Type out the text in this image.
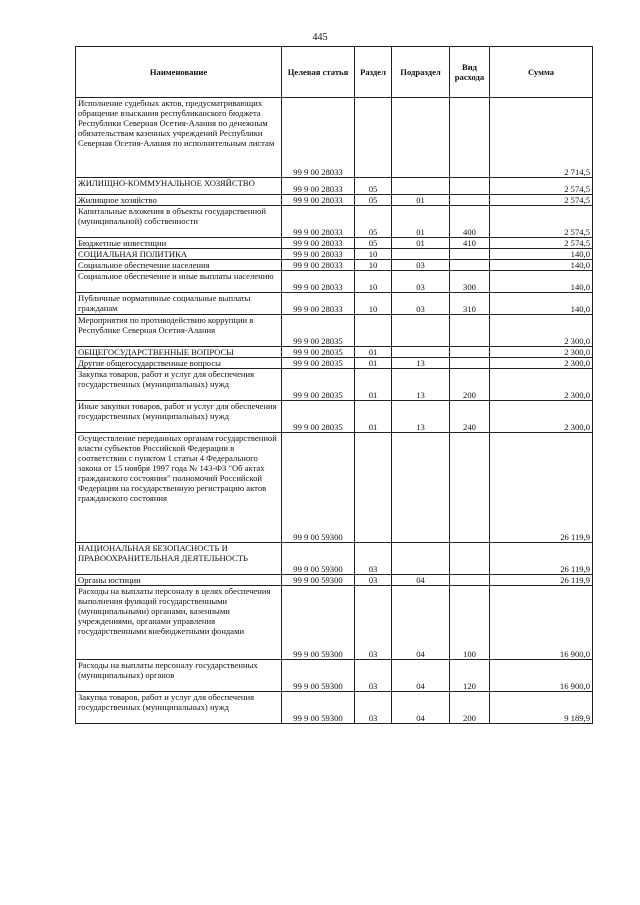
445
Наименование	Целевая статья	Раздел	Подраздел	Вид расхода	Сумма
Исполнение судебных актов, предусматривающих обращение взыскания республиканского бюджета Республики Северная Осетия-Алания по денежным обязательствам казенных учреждений Республики Северная Осетия-Алания по исполнительным листам	99 9 00 28033				2 714,5
ЖИЛИЩНО-КОММУНАЛЬНОЕ ХОЗЯЙСТВО	99 9 00 28033	05			2 574,5
Жилищное хозяйство	99 9 00 28033	05	01		2 574,5
Капитальные вложения в объекты государственной (муниципальной) собственности	99 9 00 28033	05	01	400	2 574,5
Бюджетные инвестиции	99 9 00 28033	05	01	410	2 574,5
СОЦИАЛЬНАЯ ПОЛИТИКА	99 9 00 28033	10			140,0
Социальное обеспечение населения	99 9 00 28033	10	03		140,0
Социальное обеспечение и иные выплаты населению	99 9 00 28033	10	03	300	140,0
Публичные нормативные социальные выплаты гражданам	99 9 00 28033	10	03	310	140,0
Мероприятия по противодействию коррупции в Республике Северная Осетия-Алания	99 9 00 28035				2 300,0
ОБЩЕГОСУДАРСТВЕННЫЕ ВОПРОСЫ	99 9 00 28035	01			2 300,0
Другие общегосударственные вопросы	99 9 00 28035	01	13		2 300,0
Закупка товаров, работ и услуг для обеспечения государственных (муниципальных) нужд	99 9 00 28035	01	13	200	2 300,0
Иные закупки товаров, работ и услуг для обеспечения государственных (муниципальных) нужд	99 9 00 28035	01	13	240	2 300,0
Осуществление переданных органам государственной власти субъектов Российской Федерации в соответствии с пунктом 1 статьи 4 Федерального закона от 15 ноября 1997 года № 143-ФЗ "Об актах гражданского состояния" полномочий Российской Федерации на государственную регистрацию актов гражданского состояния	99 9 00 59300				26 119,9
НАЦИОНАЛЬНАЯ БЕЗОПАСНОСТЬ И ПРАВООХРАНИТЕЛЬНАЯ ДЕЯТЕЛЬНОСТЬ	99 9 00 59300	03			26 119,9
Органы юстиции	99 9 00 59300	03	04		26 119,9
Расходы на выплаты персоналу в целях обеспечения выполнения функций государственными (муниципальными) органами, казенными учреждениями, органами управления государственными внебюджетными фондами	99 9 00 59300	03	04	100	16 900,0
Расходы на выплаты персоналу государственных (муниципальных) органов	99 9 00 59300	03	04	120	16 900,0
Закупка товаров, работ и услуг для обеспечения государственных (муниципальных) нужд	99 9 00 59300	03	04	200	9 189,9
